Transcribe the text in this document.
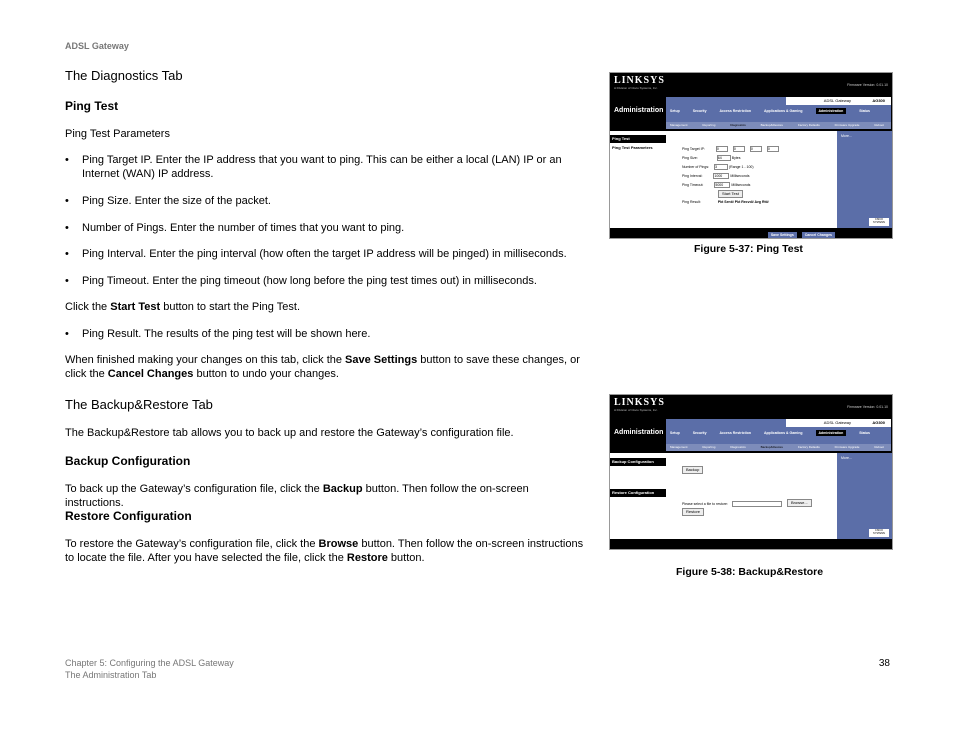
ADSL Gateway
The Diagnostics Tab
Ping Test
Ping Test Parameters
• Ping Target IP. Enter the IP address that you want to ping. This can be either a local (LAN) IP or an Internet (WAN) IP address.
• Ping Size. Enter the size of the packet.
• Number of Pings. Enter the number of times that you want to ping.
• Ping Interval. Enter the ping interval (how often the target IP address will be pinged) in milliseconds.
• Ping Timeout. Enter the ping timeout (how long before the ping test times out) in milliseconds.
Click the Start Test button to start the Ping Test.
• Ping Result. The results of the ping test will be shown here.
When finished making your changes on this tab, click the Save Settings button to save these changes, or click the Cancel Changes button to undo your changes.
The Backup&Restore Tab
The Backup&Restore tab allows you to back up and restore the Gateway’s configuration file.
Backup Configuration
To back up the Gateway’s configuration file, click the Backup button. Then follow the on-screen instructions.
Restore Configuration
To restore the Gateway’s configuration file, click the Browse button. Then follow the on-screen instructions to locate the file. After you have selected the file, click the Restore button.
LINKSYS
A Division of Cisco Systems, Inc.
Firmware Version: 0.01.10
Administration
ADSL Gateway	AG300
Setup	Security	Access Restriction	Applications & Gaming	Administration	Status
Management	Reporting	Diagnostics	Backup&Restore	Factory Defaults	Firmware Upgrade	Reboot
Ping Test
Ping Test Parameters	Ping Target IP:	0	0	0	0
Ping Size:	64	Bytes
Number of Pings: 3	(Range 1 - 100)
Ping Interval:	1000 Milliseconds
Ping Timeout:	5000 Milliseconds
Start Test
Ping Result:	Pkt Sent# Pkt Recvd# Avg Rtt#
More...
CISCO SYSTEMS
Save Settings	Cancel Changes
Figure 5-37: Ping Test
LINKSYS
A Division of Cisco Systems, Inc.
Firmware Version: 0.01.10
Administration
ADSL Gateway	AG300
Setup	Security	Access Restriction	Applications & Gaming	Administration	Status
Management	Reporting	Diagnostics	Backup&Restore	Factory Defaults	Firmware Upgrade	Reboot
Backup Configuration
Restore Configuration
Backup
Please select a file to restore:	Browse...
Restore
More...
CISCO SYSTEMS
Figure 5-38: Backup&Restore
Chapter 5: Configuring the ADSL Gateway
The Administration Tab
38
